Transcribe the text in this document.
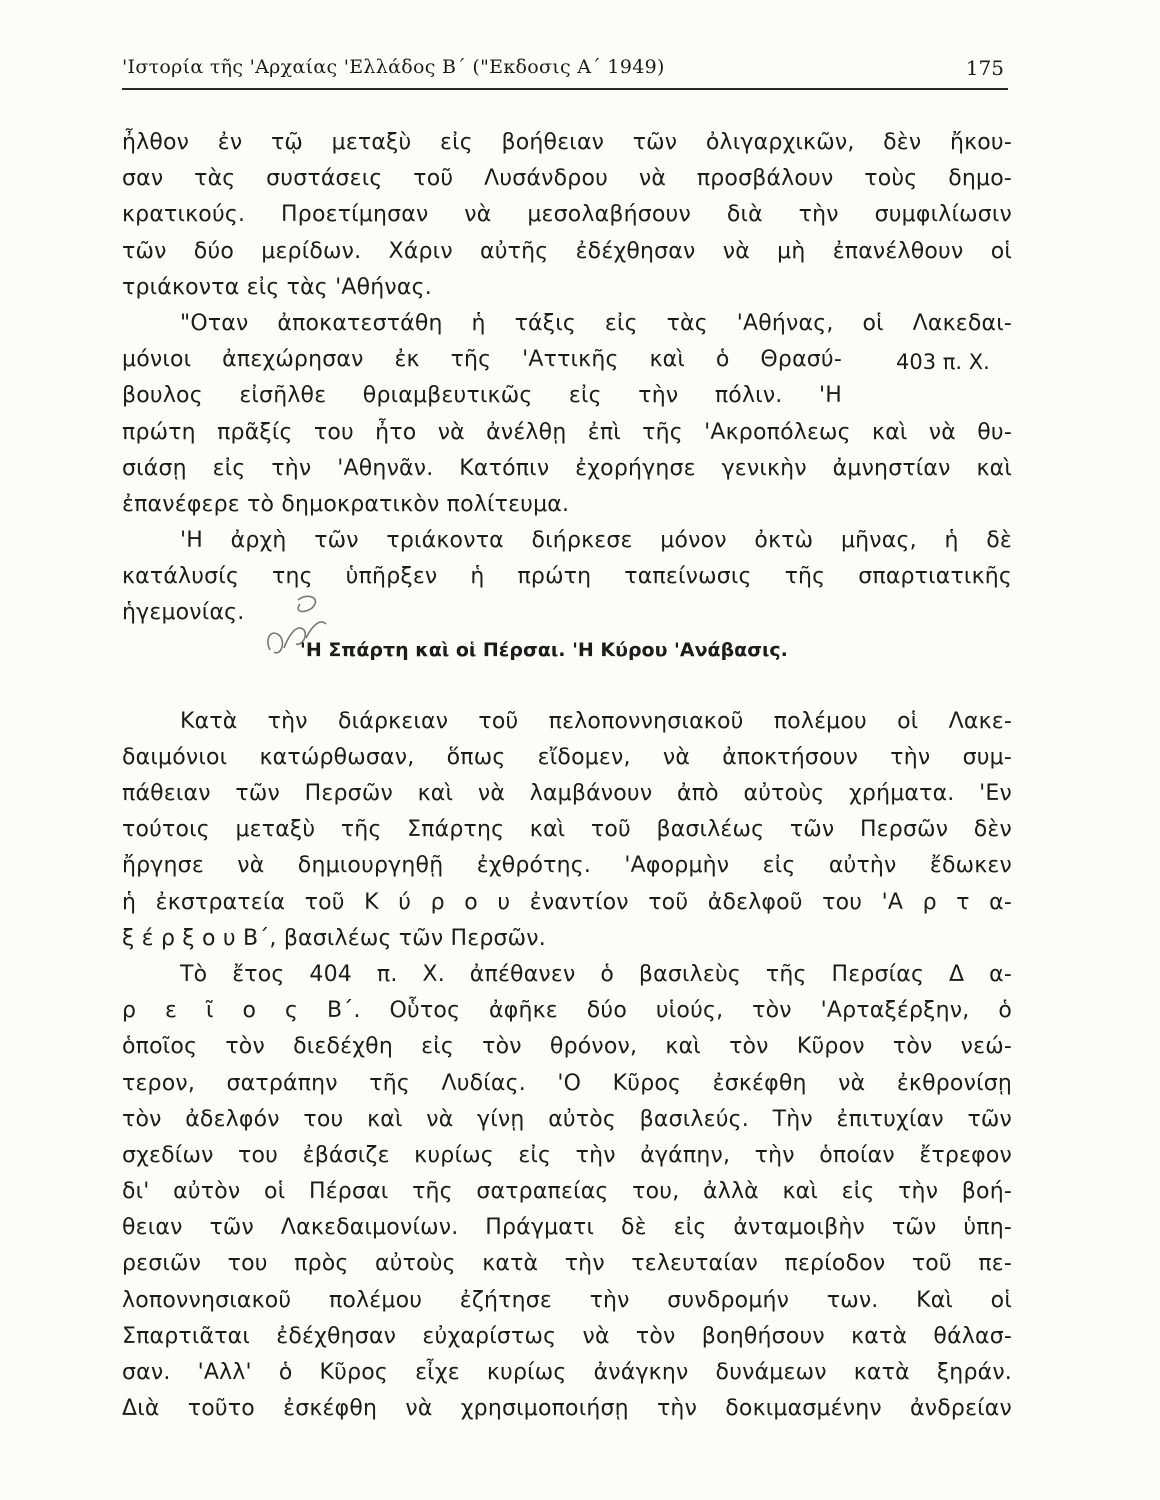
'Ιστορία τῆς 'Αρχαίας 'Ελλάδος Β΄ ("Εκδοσις Α΄ 1949)	175
403 π. Χ.
ἦλθον ἐν τῷ μεταξὺ εἰς βοήθειαν τῶν ὀλιγαρχικῶν, δὲν ἤκου-
σαν τὰς συστάσεις τοῦ Λυσάνδρου νὰ προσβάλουν τοὺς δημο-
κρατικούς. Προετίμησαν νὰ μεσολαβήσουν διὰ τὴν συμφιλίωσιν
τῶν δύο μερίδων. Χάριν αὐτῆς ἐδέχθησαν νὰ μὴ ἐπανέλθουν οἱ
τριάκοντα εἰς τὰς 'Αθήνας.
"Οταν ἀποκατεστάθη ἡ τάξις εἰς τὰς 'Αθήνας, οἱ Λακεδαι-
μόνιοι ἀπεχώρησαν ἐκ τῆς 'Αττικῆς καὶ ὁ Θρασύ-
βουλος εἰσῆλθε θριαμβευτικῶς εἰς τὴν πόλιν. 'Η
πρώτη πρᾶξίς του ἦτο νὰ ἀνέλθῃ ἐπὶ τῆς 'Ακροπόλεως καὶ νὰ θυ-
σιάσῃ εἰς τὴν 'Αθηνᾶν. Κατόπιν ἐχορήγησε γενικὴν ἀμνηστίαν καὶ
ἐπανέφερε τὸ δημοκρατικὸν πολίτευμα.
'Η ἀρχὴ τῶν τριάκοντα διήρκεσε μόνον ὀκτὼ μῆνας, ἡ δὲ
κατάλυσίς της ὑπῆρξεν ἡ πρώτη ταπείνωσις τῆς σπαρτιατικῆς
ἡγεμονίας.
'Η Σπάρτη καὶ οἱ Πέρσαι. 'Η Κύρου 'Ανάβασις.
Κατὰ τὴν διάρκειαν τοῦ πελοποννησιακοῦ πολέμου οἱ Λακε-
δαιμόνιοι κατώρθωσαν, ὅπως εἴδομεν, νὰ ἀποκτήσουν τὴν συμ-
πάθειαν τῶν Περσῶν καὶ νὰ λαμβάνουν ἀπὸ αὐτοὺς χρήματα. 'Εν
τούτοις μεταξὺ τῆς Σπάρτης καὶ τοῦ βασιλέως τῶν Περσῶν δὲν
ἤργησε νὰ δημιουργηθῇ ἐχθρότης. 'Αφορμὴν εἰς αὐτὴν ἔδωκεν
ἡ ἐκστρατεία τοῦ Κ ύ ρ ο υ ἐναντίον τοῦ ἀδελφοῦ του 'Α ρ τ α-
ξ έ ρ ξ ο υ Β΄, βασιλέως τῶν Περσῶν.
Τὸ ἔτος 404 π. Χ. ἀπέθανεν ὁ βασιλεὺς τῆς Περσίας Δ α-
ρ ε ῖ ο ς Β΄. Οὗτος ἀφῆκε δύο υἱούς, τὸν 'Αρταξέρξην, ὁ
ὁποῖος τὸν διεδέχθη εἰς τὸν θρόνον, καὶ τὸν Κῦρον τὸν νεώ-
τερον, σατράπην τῆς Λυδίας. 'Ο Κῦρος ἐσκέφθη νὰ ἐκθρονίσῃ
τὸν ἀδελφόν του καὶ νὰ γίνῃ αὐτὸς βασιλεύς. Τὴν ἐπιτυχίαν τῶν
σχεδίων του ἐβάσιζε κυρίως εἰς τὴν ἀγάπην, τὴν ὁποίαν ἔτρεφον
δι' αὐτὸν οἱ Πέρσαι τῆς σατραπείας του, ἀλλὰ καὶ εἰς τὴν βοή-
θειαν τῶν Λακεδαιμονίων. Πράγματι δὲ εἰς ἀνταμοιβὴν τῶν ὑπη-
ρεσιῶν του πρὸς αὐτοὺς κατὰ τὴν τελευταίαν περίοδον τοῦ πε-
λοποννησιακοῦ πολέμου ἐζήτησε τὴν συνδρομήν των. Καὶ οἱ
Σπαρτιᾶται ἐδέχθησαν εὐχαρίστως νὰ τὸν βοηθήσουν κατὰ θάλασ-
σαν. 'Αλλ' ὁ Κῦρος εἶχε κυρίως ἀνάγκην δυνάμεων κατὰ ξηράν.
Διὰ τοῦτο ἐσκέφθη νὰ χρησιμοποιήσῃ τὴν δοκιμασμένην ἀνδρείαν
